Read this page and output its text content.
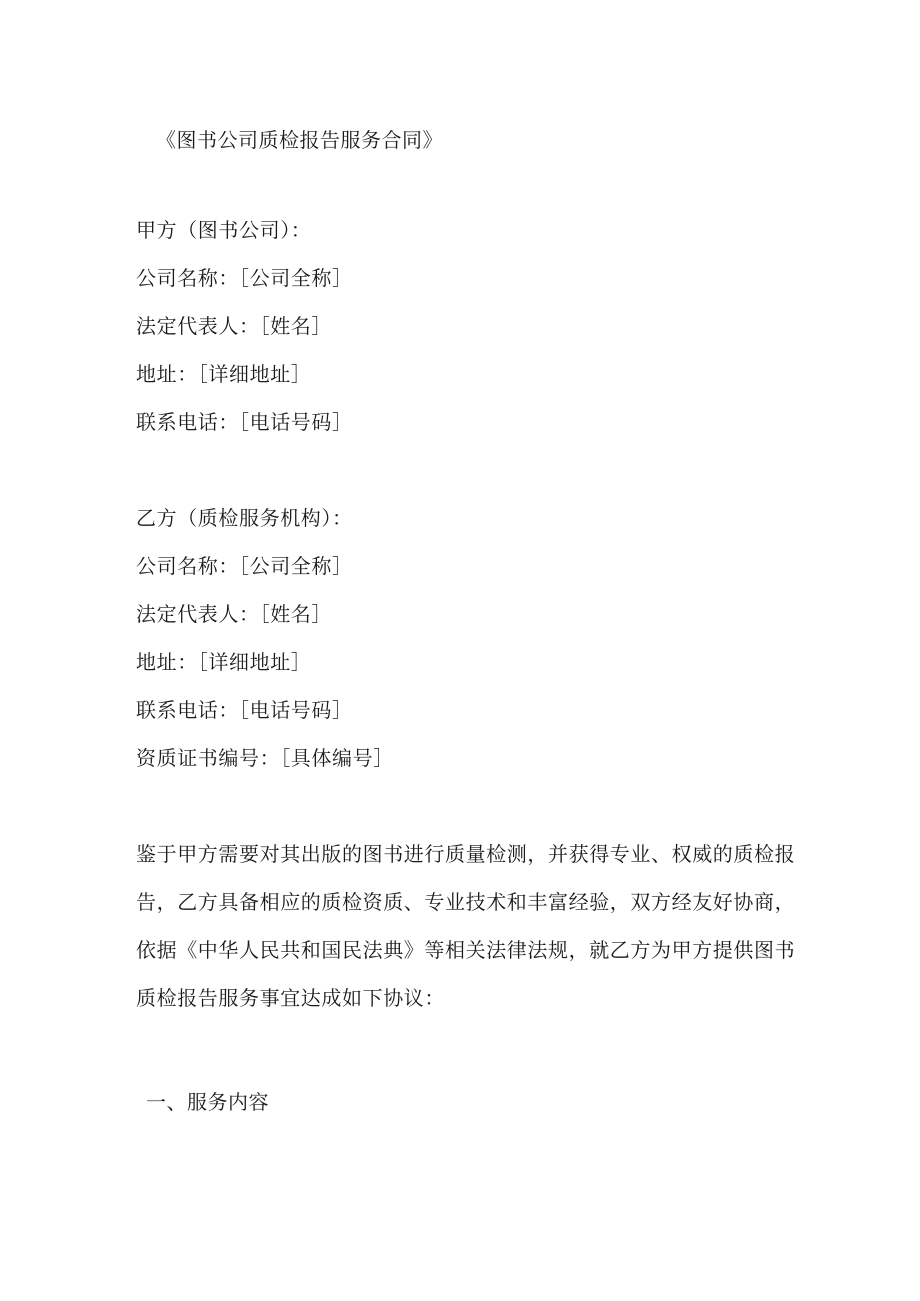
《图书公司质检报告服务合同》
甲方（图书公司）：
公司名称：［公司全称］
法定代表人：［姓名］
地址：［详细地址］
联系电话：［电话号码］
乙方（质检服务机构）：
公司名称：［公司全称］
法定代表人：［姓名］
地址：［详细地址］
联系电话：［电话号码］
资质证书编号：［具体编号］
鉴于甲方需要对其出版的图书进行质量检测，并获得专业、权威的质检报
告，乙方具备相应的质检资质、专业技术和丰富经验，双方经友好协商，
依据《中华人民共和国民法典》等相关法律法规，就乙方为甲方提供图书
质检报告服务事宜达成如下协议：
一、服务内容
